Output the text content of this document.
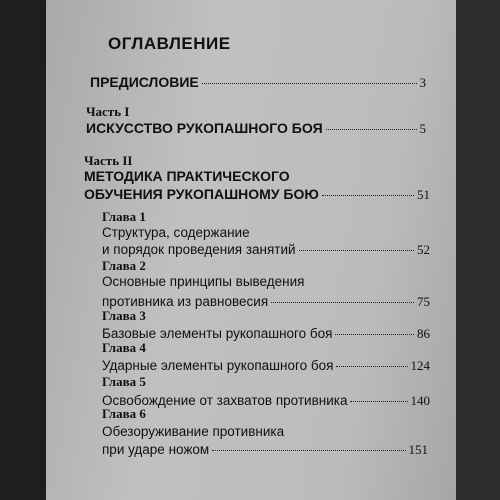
ОГЛАВЛЕНИЕ
ПРЕДИСЛОВИЕ	3
Часть I
ИСКУССТВО РУКОПАШНОГО БОЯ	5
Часть II
МЕТОДИКА ПРАКТИЧЕСКОГО
ОБУЧЕНИЯ РУКОПАШНОМУ БОЮ	51
Глава 1
Структура, содержание
и порядок проведения занятий	52
Глава 2
Основные принципы выведения
противника из равновесия	75
Глава 3
Базовые элементы рукопашного боя	86
Глава 4
Ударные элементы рукопашного боя	124
Глава 5
Освобождение от захватов противника	140
Глава 6
Обезоруживание противника
при ударе ножом	151
